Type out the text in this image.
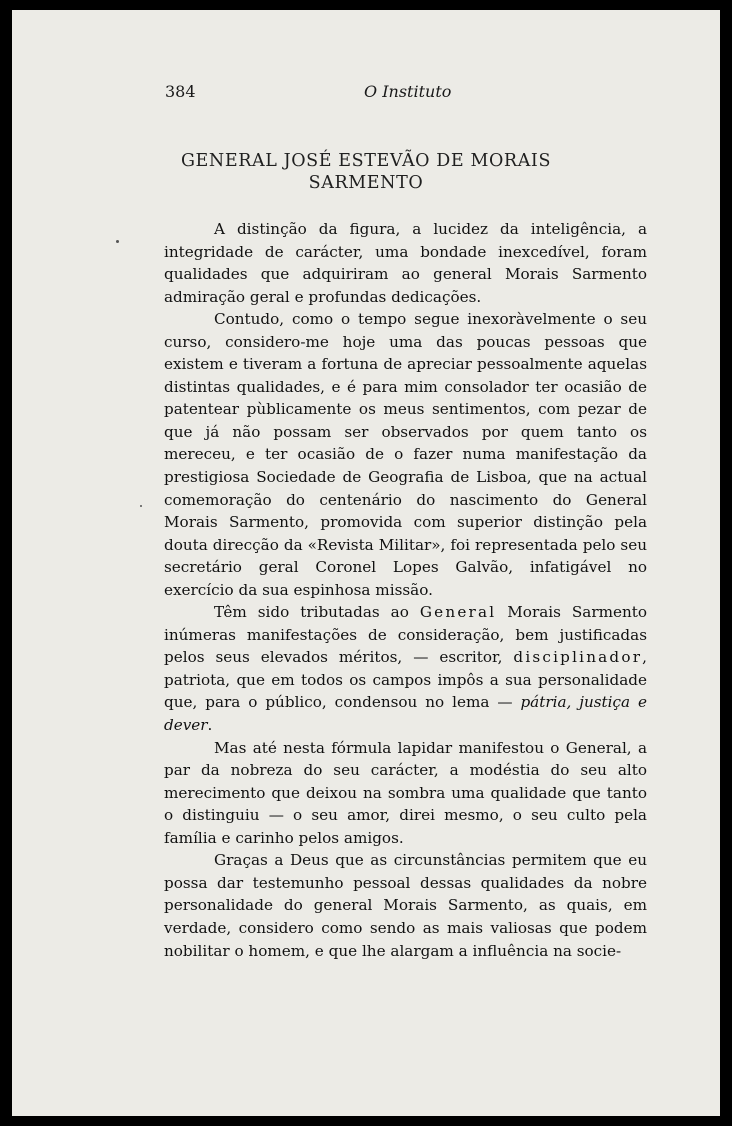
384	O Instituto
GENERAL JOSÉ ESTEVÃO DE MORAIS
SARMENTO

A distinção da figura, a lucidez da inteligência, a integridade de carácter, uma bondade inexcedível, foram qualidades que adquiriram ao general Morais Sarmento admiração geral e profundas dedicações.

Contudo, como o tempo segue inexoràvelmente o seu curso, considero-me hoje uma das poucas pessoas que existem e tiveram a fortuna de apreciar pessoalmente aquelas distintas qualidades, e é para mim consolador ter ocasião de patentear pùblicamente os meus sentimentos, com pezar de que já não possam ser observados por quem tanto os mereceu, e ter ocasião de o fazer numa manifestação da prestigiosa Sociedade de Geografia de Lisboa, que na actual comemoração do centenário do nascimento do General Morais Sarmento, promovida com superior distinção pela douta direcção da «Revista Militar», foi representada pelo seu secretário geral Coronel Lopes Galvão, infatigável no exercício da sua espinhosa missão.

Têm sido tributadas ao General Morais Sarmento inúmeras manifestações de consideração, bem justificadas pelos seus elevados méritos, — escritor, disciplinador, patriota, que em todos os campos impôs a sua personalidade que, para o público, condensou no lema — pátria, justiça e dever.

Mas até nesta fórmula lapidar manifestou o General, a par da nobreza do seu carácter, a modéstia do seu alto merecimento que deixou na sombra uma qualidade que tanto o distinguiu — o seu amor, direi mesmo, o seu culto pela família e carinho pelos amigos.

Graças a Deus que as circunstâncias permitem que eu possa dar testemunho pessoal dessas qualidades da nobre personalidade do general Morais Sarmento, as quais, em verdade, considero como sendo as mais valiosas que podem nobilitar o homem, e que lhe alargam a influência na socie-
